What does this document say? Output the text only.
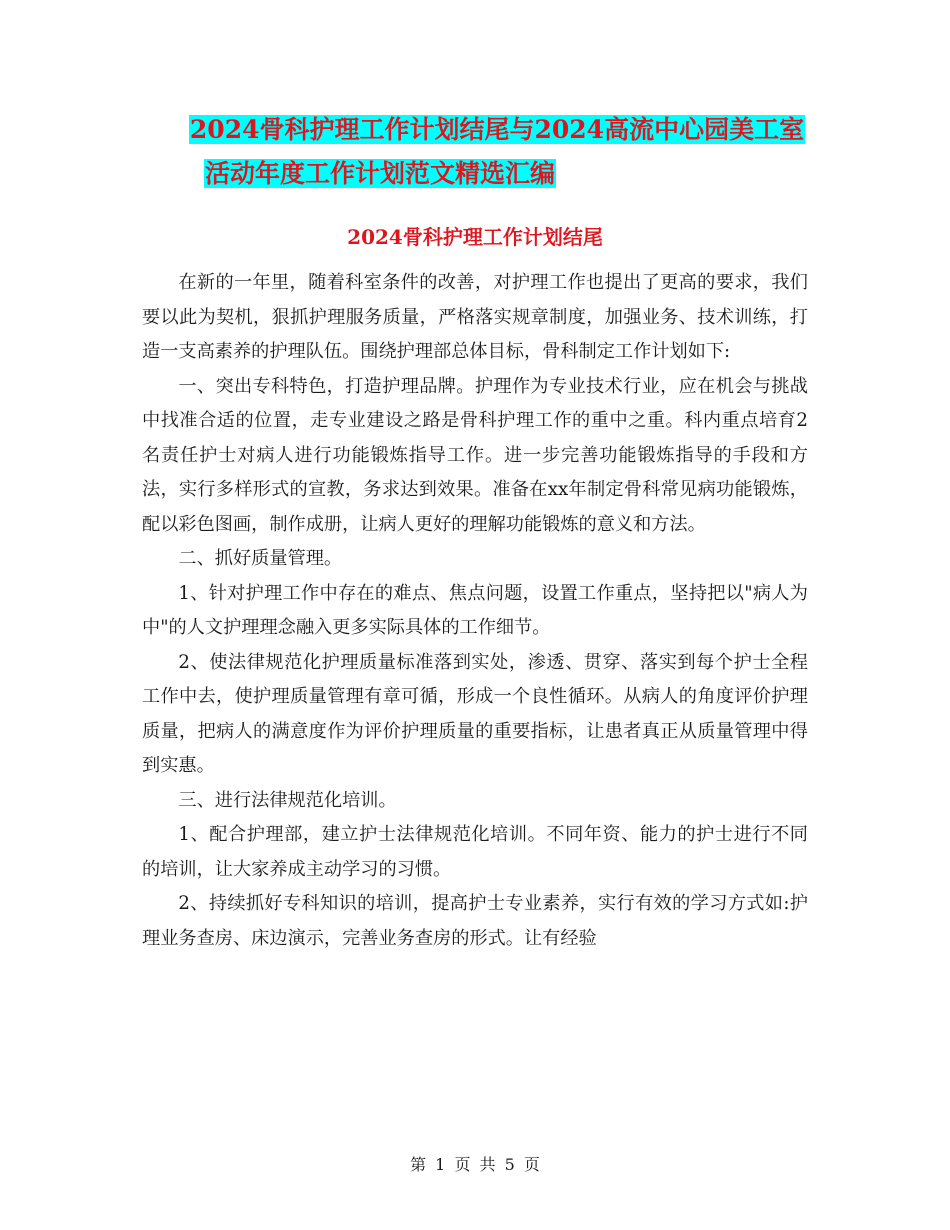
2024骨科护理工作计划结尾与2024高流中心园美工室
活动年度工作计划范文精选汇编
2024骨科护理工作计划结尾

在新的一年里，随着科室条件的改善，对护理工作也提出了更高的要求，我们要以此为契机，狠抓护理服务质量，严格落实规章制度，加强业务、技术训练，打造一支高素养的护理队伍。围绕护理部总体目标，骨科制定工作计划如下:

一、突出专科特色，打造护理品牌。护理作为专业技术行业，应在机会与挑战中找准合适的位置，走专业建设之路是骨科护理工作的重中之重。科内重点培育2名责任护士对病人进行功能锻炼指导工作。进一步完善功能锻炼指导的手段和方法，实行多样形式的宣教，务求达到效果。准备在xx年制定骨科常见病功能锻炼，配以彩色图画，制作成册，让病人更好的理解功能锻炼的意义和方法。

二、抓好质量管理。

1、针对护理工作中存在的难点、焦点问题，设置工作重点，坚持把以"病人为中"的人文护理理念融入更多实际具体的工作细节。

2、使法律规范化护理质量标准落到实处，渗透、贯穿、落实到每个护士全程工作中去，使护理质量管理有章可循，形成一个良性循环。从病人的角度评价护理质量，把病人的满意度作为评价护理质量的重要指标，让患者真正从质量管理中得到实惠。

三、进行法律规范化培训。

1、配合护理部，建立护士法律规范化培训。不同年资、能力的护士进行不同的培训，让大家养成主动学习的习惯。

2、持续抓好专科知识的培训，提高护士专业素养，实行有效的学习方式如:护理业务查房、床边演示，完善业务查房的形式。让有经验

第 1 页 共 5 页
